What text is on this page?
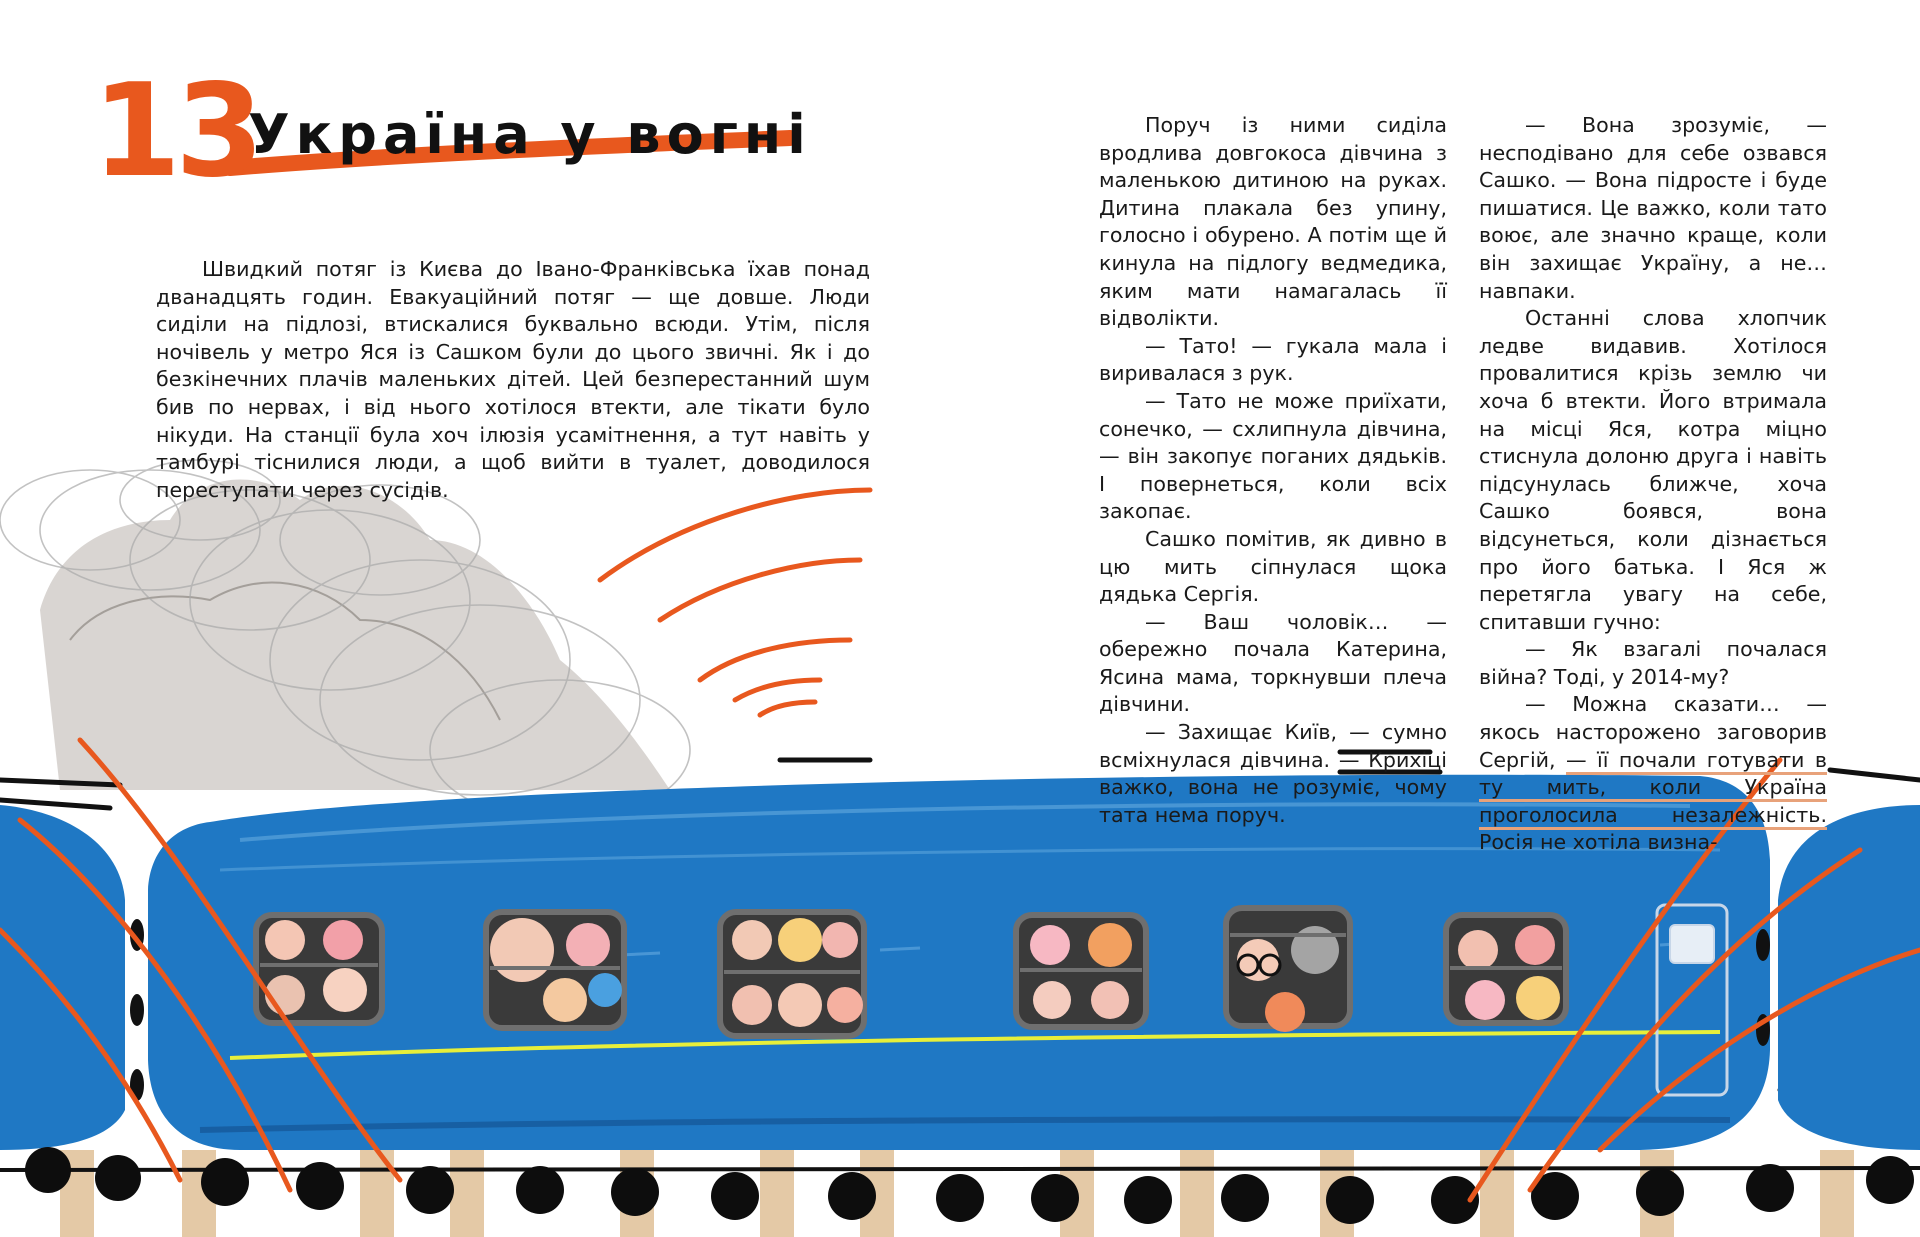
13
Україна у вогні

Швидкий потяг із Києва до Івано-Франківська їхав понад дванадцять годин. Евакуаційний потяг — ще довше. Люди сиділи на підлозі, втискалися буквально всюди. Утім, після ночівель у метро Яся із Сашком були до цього звичні. Як і до безкінечних плачів маленьких дітей. Цей безперестанний шум бив по нервах, і від нього хотілося втекти, але тікати було нікуди. На станції була хоч ілюзія усамітнення, а тут навіть у тамбурі тіснилися люди, а щоб вийти в туалет, доводилося переступати через сусідів.

Поруч із ними сиділа вродлива довгокоса дівчина з маленькою дитиною на руках. Дитина плакала без упину, голосно і обурено. А потім ще й кинула на підлогу ведмедика, яким мати намагалась її відволікти.

— Тато! — гукала мала і виривалася з рук.

— Тато не може приїхати, сонечко, — схлипнула дівчина, — він закопує поганих дядьків. І повернеться, коли всіх закопає.

Сашко помітив, як дивно в цю мить сіпнулася щока дядька Сергія.

— Ваш чоловік… — обережно почала Катерина, Ясина мама, торкнувши плеча дівчини.

— Захищає Київ, — сумно всміхнулася дівчина. — Крихіці важко, вона не розуміє, чому тата нема поруч.

— Вона зрозуміє, — несподівано для себе озвався Сашко. — Вона підросте і буде пишатися. Це важко, коли тато воює, але значно краще, коли він захищає Україну, а не… навпаки.

Останні слова хлопчик ледве видавив. Хотілося провалитися крізь землю чи хоча б втекти. Його втримала на місці Яся, котра міцно стиснула долоню друга і навіть підсунулась ближче, хоча Сашко боявся, вона відсунеться, коли дізнається про його батька. І Яся ж перетягла увагу на себе, спитавши гучно:

— Як взагалі почалася війна? Тоді, у 2014-му?

— Можна сказати… — якось насторожено заговорив Сергій, — її почали готувати в ту мить, коли Україна проголосила незалежність. Росія не хотіла визна-
